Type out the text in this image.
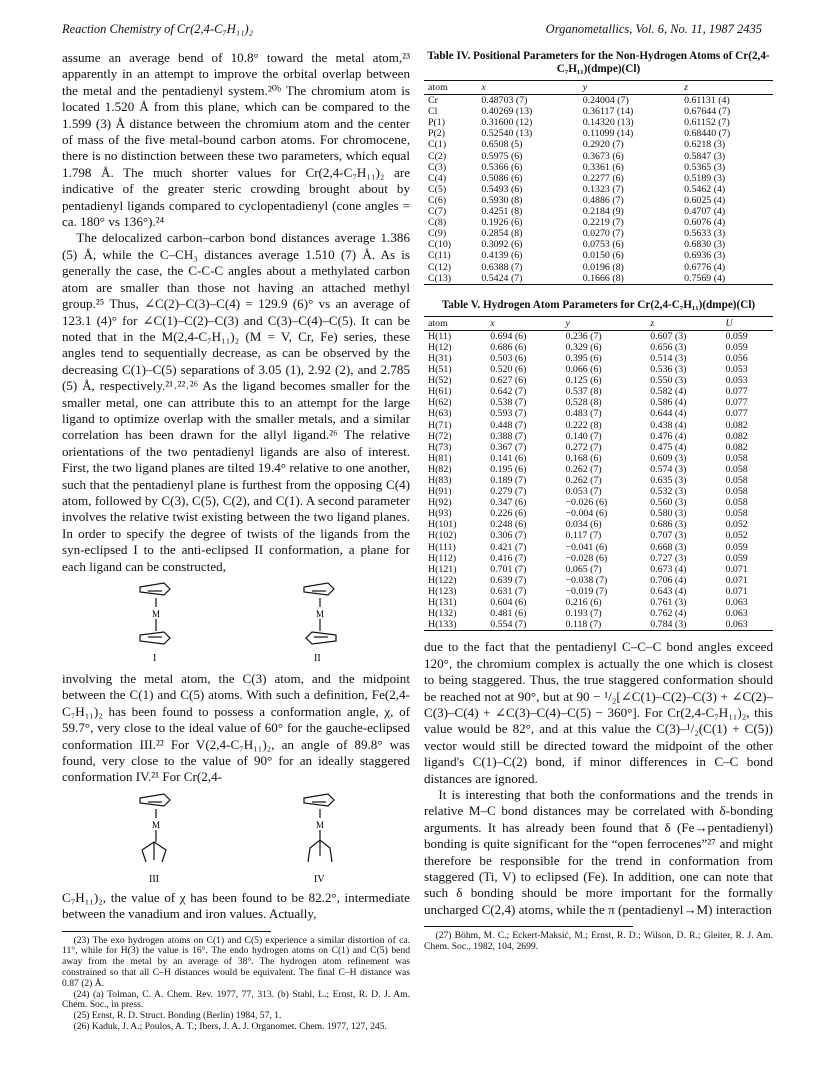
Reaction Chemistry of Cr(2,4-C₇H₁₁)₂	Organometallics, Vol. 6, No. 11, 1987 2435

assume an average bend of 10.8° toward the metal atom,²³ apparently in an attempt to improve the orbital overlap between the metal and the pentadienyl system.²⁰ᵇ The chromium atom is located 1.520 Å from this plane, which can be compared to the 1.599 (3) Å distance between the chromium atom and the center of mass of the five metal-bound carbon atoms. For chromocene, there is no distinction between these two parameters, which equal 1.798 Å. The much shorter values for Cr(2,4-C₇H₁₁)₂ are indicative of the greater steric crowding brought about by pentadienyl ligands compared to cyclopentadienyl (cone angles = ca. 180° vs 136°).²⁴

The delocalized carbon–carbon bond distances average 1.386 (5) Å, while the C–CH₃ distances average 1.510 (7) Å. As is generally the case, the C-C-C angles about a methylated carbon atom are smaller than those not having an attached methyl group.²⁵ Thus, ∠C(2)–C(3)–C(4) = 129.9 (6)° vs an average of 123.1 (4)° for ∠C(1)–C(2)–C(3) and C(3)–C(4)–C(5). It can be noted that in the M(2,4-C₇H₁₁)₂ (M = V, Cr, Fe) series, these angles tend to sequentially decrease, as can be observed by the decreasing C(1)–C(5) separations of 3.05 (1), 2.92 (2), and 2.785 (5) Å, respectively.²¹˒²²˒²⁶ As the ligand becomes smaller for the smaller metal, one can attribute this to an attempt for the large ligand to optimize overlap with the smaller metals, and a similar correlation has been drawn for the allyl ligand.²⁶ The relative orientations of the two pentadienyl ligands are also of interest. First, the two ligand planes are tilted 19.4° relative to one another, such that the pentadienyl plane is furthest from the opposing C(4) atom, followed by C(3), C(5), C(2), and C(1). A second parameter involves the relative twist existing between the two ligand planes. In order to specify the degree of twists of the ligands from the syn-eclipsed I to the anti-eclipsed II conformation, a plane for each ligand can be constructed,

M
I
M
II

involving the metal atom, the C(3) atom, and the midpoint between the C(1) and C(5) atoms. With such a definition, Fe(2,4-C₇H₁₁)₂ has been found to possess a conformation angle, χ, of 59.7°, very close to the ideal value of 60° for the gauche-eclipsed conformation III.²² For V(2,4-C₇H₁₁)₂, an angle of 89.8° was found, very close to the value of 90° for an ideally staggered conformation IV.²¹ For Cr(2,4-

M
III
M
IV

C₇H₁₁)₂, the value of χ has been found to be 82.2°, intermediate between the vanadium and iron values. Actually,

(23) The exo hydrogen atoms on C(1) and C(5) experience a similar distortion of ca. 11°, while for H(3) the value is 16°. The endo hydrogen atoms on C(1) and C(5) bend away from the metal by an average of 38°. The hydrogen atom refinement was constrained so that all C–H distances would be equivalent. The final C–H distance was 0.87 (2) Å.

(24) (a) Tolman, C. A. Chem. Rev. 1977, 77, 313. (b) Stahl, L.; Ernst, R. D. J. Am. Chem. Soc., in press.

(25) Ernst, R. D. Struct. Bonding (Berlin) 1984, 57, 1.

(26) Kaduk, J. A.; Poulos, A. T.; Ibers, J. A. J. Organomet. Chem. 1977, 127, 245.

Table IV. Positional Parameters for the Non-Hydrogen Atoms of Cr(2,4-C₇H₁₁)(dmpe)(Cl)
atom	x	y	z
Cr	0.48703 (7)	0.24004 (7)	0.61131 (4)
Cl	0.40269 (13)	0.36117 (14)	0.67644 (7)
P(1)	0.31600 (12)	0.14320 (13)	0.61152 (7)
P(2)	0.52540 (13)	0.11099 (14)	0.68440 (7)
C(1)	0.6508 (5)	0.2920 (7)	0.6218 (3)
C(2)	0.5975 (6)	0.3673 (6)	0.5847 (3)
C(3)	0.5366 (6)	0.3361 (6)	0.5365 (3)
C(4)	0.5086 (6)	0.2277 (6)	0.5189 (3)
C(5)	0.5493 (6)	0.1323 (7)	0.5462 (4)
C(6)	0.5930 (8)	0.4886 (7)	0.6025 (4)
C(7)	0.4251 (8)	0.2184 (9)	0.4707 (4)
C(8)	0.1926 (6)	0.2219 (7)	0.6076 (4)
C(9)	0.2854 (8)	0.0270 (7)	0.5633 (3)
C(10)	0.3092 (6)	0.0753 (6)	0.6830 (3)
C(11)	0.4139 (6)	0.0150 (6)	0.6936 (3)
C(12)	0.6388 (7)	0.0196 (8)	0.6776 (4)
C(13)	0.5424 (7)	0.1666 (8)	0.7569 (4)
Table V. Hydrogen Atom Parameters for Cr(2,4-C₇H₁₁)(dmpe)(Cl)
atom	x	y	z	U
H(11)	0.694 (6)	0.236 (7)	0.607 (3)	0.059
H(12)	0.686 (6)	0.329 (6)	0.656 (3)	0.059
H(31)	0.503 (6)	0.395 (6)	0.514 (3)	0.056
H(51)	0.520 (6)	0.066 (6)	0.536 (3)	0.053
H(52)	0.627 (6)	0.125 (6)	0.550 (3)	0.053
H(61)	0.642 (7)	0.537 (8)	0.582 (4)	0.077
H(62)	0.538 (7)	0.528 (8)	0.586 (4)	0.077
H(63)	0.593 (7)	0.483 (7)	0.644 (4)	0.077
H(71)	0.448 (7)	0.222 (8)	0.438 (4)	0.082
H(72)	0.388 (7)	0.140 (7)	0.476 (4)	0.082
H(73)	0.367 (7)	0.272 (7)	0.475 (4)	0.082
H(81)	0.141 (6)	0.168 (6)	0.609 (3)	0.058
H(82)	0.195 (6)	0.262 (7)	0.574 (3)	0.058
H(83)	0.189 (7)	0.262 (7)	0.635 (3)	0.058
H(91)	0.279 (7)	0.053 (7)	0.532 (3)	0.058
H(92)	0.347 (6)	−0.026 (6)	0.560 (3)	0.058
H(93)	0.226 (6)	−0.004 (6)	0.580 (3)	0.058
H(101)	0.248 (6)	0.034 (6)	0.686 (3)	0.052
H(102)	0.306 (7)	0.117 (7)	0.707 (3)	0.052
H(111)	0.421 (7)	−0.041 (6)	0.668 (3)	0.059
H(112)	0.416 (7)	−0.028 (6)	0.727 (3)	0.059
H(121)	0.701 (7)	0.065 (7)	0.673 (4)	0.071
H(122)	0.639 (7)	−0.038 (7)	0.706 (4)	0.071
H(123)	0.631 (7)	−0.019 (7)	0.643 (4)	0.071
H(131)	0.604 (6)	0.216 (6)	0.761 (3)	0.063
H(132)	0.481 (6)	0.193 (7)	0.762 (4)	0.063
H(133)	0.554 (7)	0.118 (7)	0.784 (3)	0.063

due to the fact that the pentadienyl C–C–C bond angles exceed 120°, the chromium complex is actually the one which is closest to being staggered. Thus, the true staggered conformation should be reached not at 90°, but at 90 − ¹/₂[∠C(1)–C(2)–C(3) + ∠C(2)–C(3)–C(4) + ∠C(3)–C(4)–C(5) − 360°]. For Cr(2,4-C₇H₁₁)₂, this value would be 82°, and at this value the C(3)–¹/₂(C(1) + C(5)) vector would still be directed toward the midpoint of the other ligand's C(1)–C(2) bond, if minor differences in C–C bond distances are ignored.

It is interesting that both the conformations and the trends in relative M–C bond distances may be correlated with δ-bonding arguments. It has already been found that δ (Fe→pentadienyl) bonding is quite significant for the “open ferrocenes”²⁷ and might therefore be responsible for the trend in conformation from staggered (Ti, V) to eclipsed (Fe). In addition, one can note that such δ bonding should be more important for the formally uncharged C(2,4) atoms, while the π (pentadienyl→M) interaction

(27) Böhm, M. C.; Eckert-Maksić, M.; Ernst, R. D.; Wilson, D. R.; Gleiter, R. J. Am. Chem. Soc., 1982, 104, 2699.
